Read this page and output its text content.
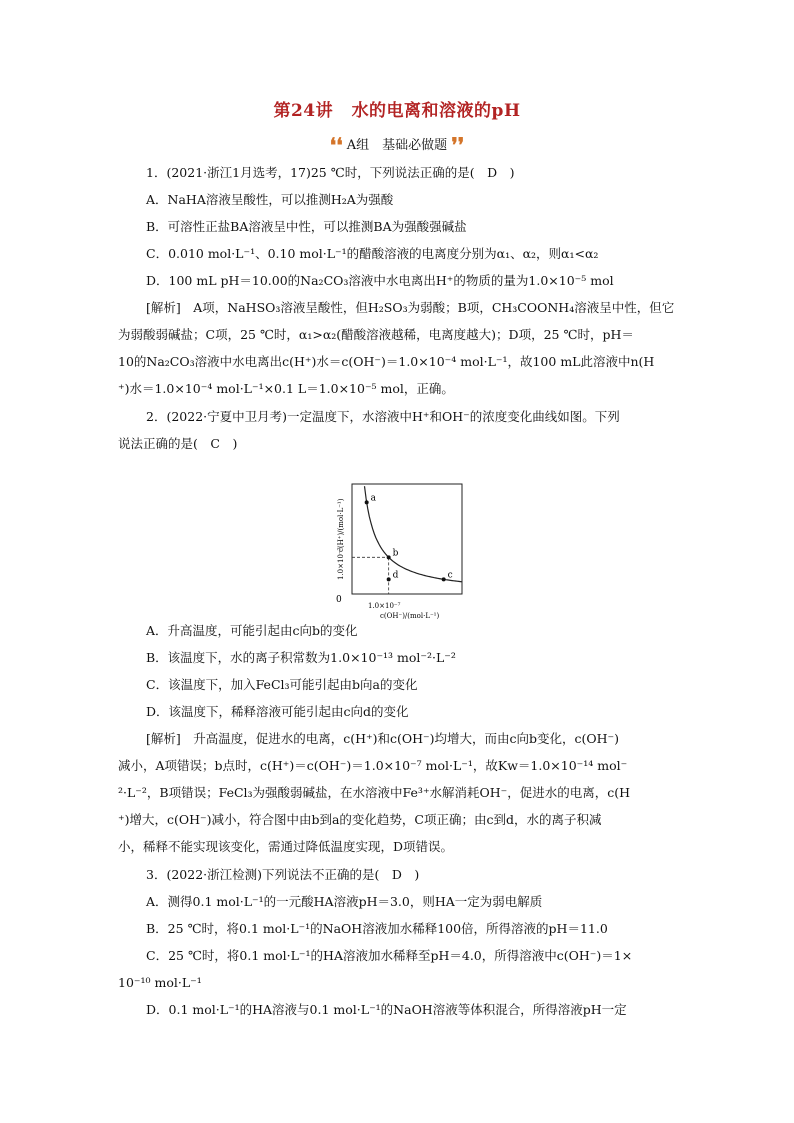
第24讲 水的电离和溶液的pH
❛❛ A组　基础必做题 ❜❜
1．(2021·浙江1月选考，17)25 ℃时，下列说法正确的是(　D　)
A．NaHA溶液呈酸性，可以推测H₂A为强酸
B．可溶性正盐BA溶液呈中性，可以推测BA为强酸强碱盐
C．0.010 mol·L⁻¹、0.10 mol·L⁻¹的醋酸溶液的电离度分别为α₁、α₂，则α₁<α₂
D．100 mL pH＝10.00的Na₂CO₃溶液中水电离出H⁺的物质的量为1.0×10⁻⁵ mol
[解析]　A项，NaHSO₃溶液呈酸性，但H₂SO₃为弱酸；B项，CH₃COONH₄溶液呈中性，但它
为弱酸弱碱盐；C项，25 ℃时，α₁>α₂(醋酸溶液越稀，电离度越大)；D项，25 ℃时，pH＝
10的Na₂CO₃溶液中水电离出c(H⁺)水＝c(OH⁻)＝1.0×10⁻⁴ mol·L⁻¹，故100 mL此溶液中n(H
⁺)水＝1.0×10⁻⁴ mol·L⁻¹×0.1 L＝1.0×10⁻⁵ mol，正确。
2．(2022·宁夏中卫月考)一定温度下，水溶液中H⁺和OH⁻的浓度变化曲线如图。下列
说法正确的是(　C　)
a
b
c
d
0
1.0×10⁻⁷
c(OH⁻)/(mol·L⁻¹)
1.0×10⁻⁷
c(H⁺)/(mol·L⁻¹)
A．升高温度，可能引起由c向b的变化
B．该温度下，水的离子积常数为1.0×10⁻¹³ mol⁻²·L⁻²
C．该温度下，加入FeCl₃可能引起由b向a的变化
D．该温度下，稀释溶液可能引起由c向d的变化
[解析]　升高温度，促进水的电离，c(H⁺)和c(OH⁻)均增大，而由c向b变化，c(OH⁻)
减小，A项错误；b点时，c(H⁺)＝c(OH⁻)＝1.0×10⁻⁷ mol·L⁻¹，故Kw＝1.0×10⁻¹⁴ mol⁻
²·L⁻²，B项错误；FeCl₃为强酸弱碱盐，在水溶液中Fe³⁺水解消耗OH⁻，促进水的电离，c(H
⁺)增大，c(OH⁻)减小，符合图中由b到a的变化趋势，C项正确；由c到d，水的离子积减
小，稀释不能实现该变化，需通过降低温度实现，D项错误。
3．(2022·浙江检测)下列说法不正确的是(　D　)
A．测得0.1 mol·L⁻¹的一元酸HA溶液pH＝3.0，则HA一定为弱电解质
B．25 ℃时，将0.1 mol·L⁻¹的NaOH溶液加水稀释100倍，所得溶液的pH＝11.0
C．25 ℃时，将0.1 mol·L⁻¹的HA溶液加水稀释至pH＝4.0，所得溶液中c(OH⁻)＝1×
10⁻¹⁰ mol·L⁻¹
D．0.1 mol·L⁻¹的HA溶液与0.1 mol·L⁻¹的NaOH溶液等体积混合，所得溶液pH一定
